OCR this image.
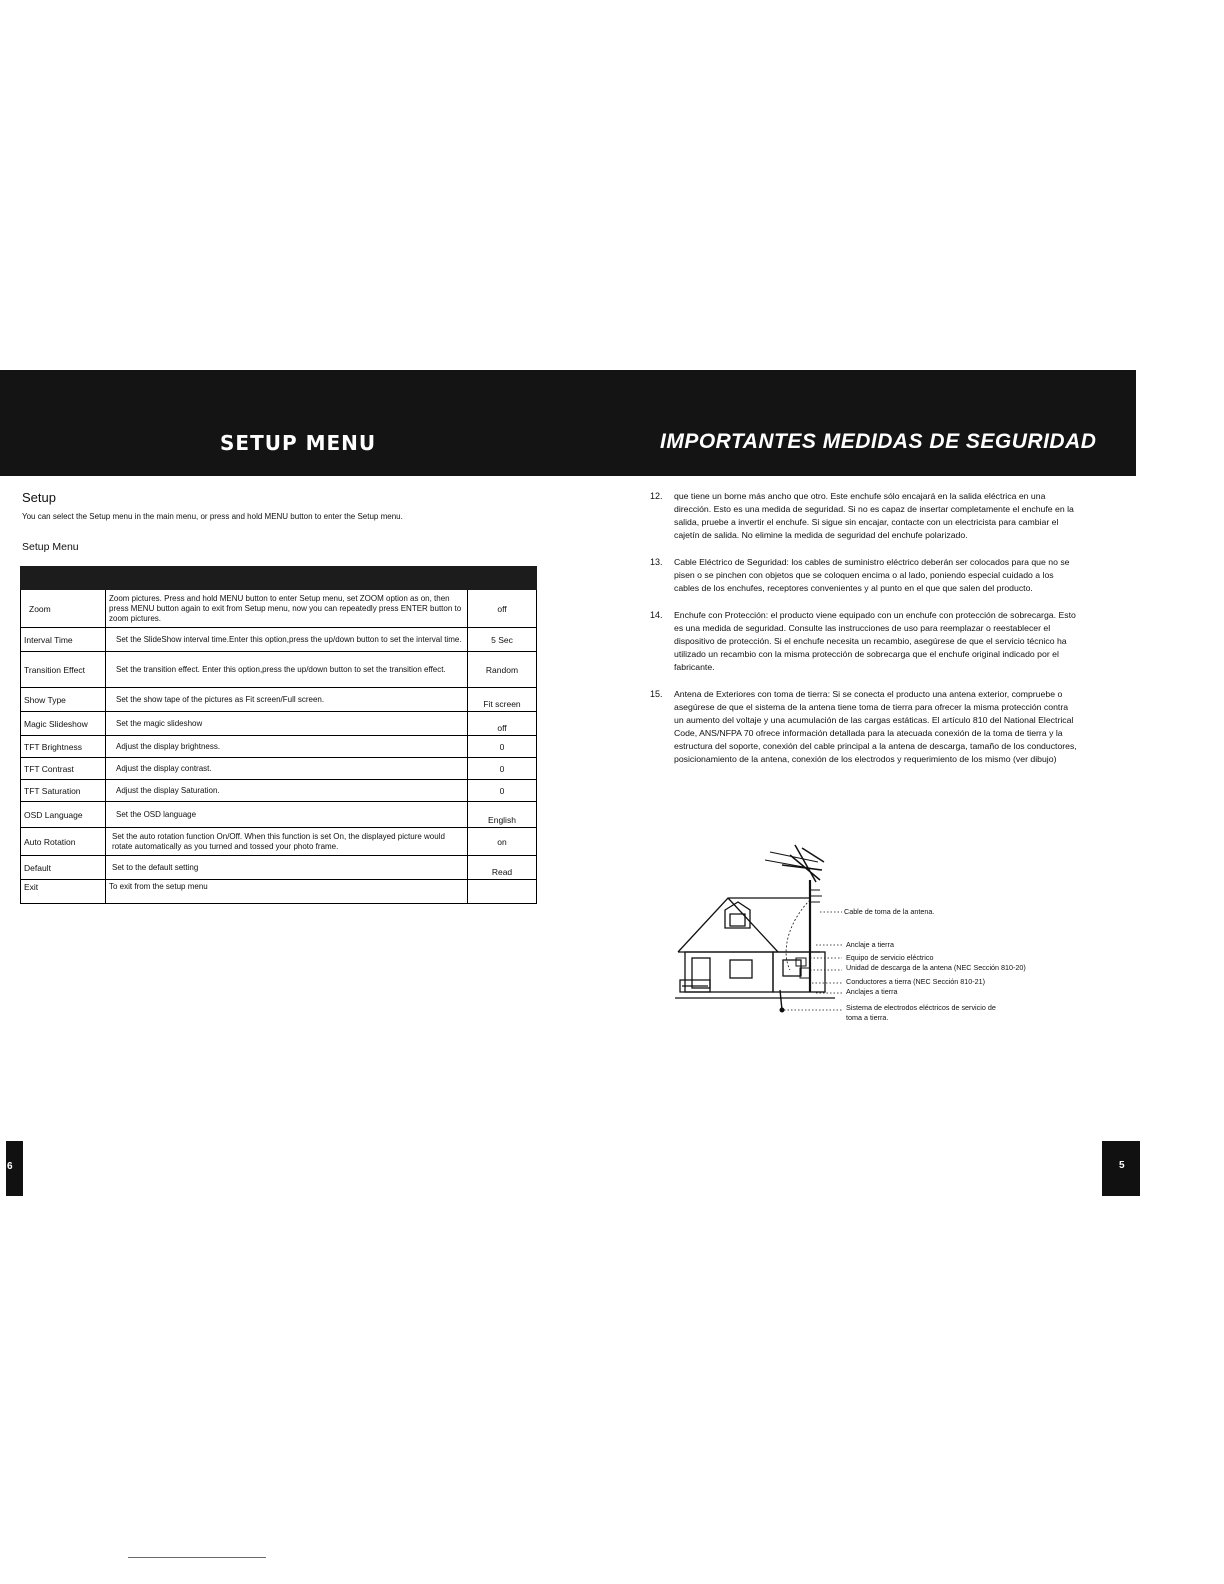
SETUP MENU	IMPORTANTES MEDIDAS DE SEGURIDAD
Setup
You can select the Setup menu in the main menu, or press and hold MENU button to enter the Setup menu.
Setup Menu

Zoom	Zoom pictures. Press and hold MENU button to enter Setup menu, set ZOOM option as on, then press MENU button again to exit from Setup menu, now you can repeatedly press ENTER button to zoom pictures.	off
Interval Time	Set the SlideShow interval time.Enter this option,press the up/down button to set the interval time.	5 Sec
Transition Effect	Set the transition effect. Enter this option,press the up/down button to set the transition effect.	Random
Show Type	Set the show tape of the pictures as Fit screen/Full screen.	Fit screen
Magic Slideshow	Set the magic slideshow	off
TFT Brightness	Adjust the display brightness.	0
TFT Contrast	Adjust the display contrast.	0
TFT Saturation	Adjust the display Saturation.	0
OSD Language	Set the OSD language	English
Auto Rotation	Set the auto rotation function On/Off. When this function is set On, the displayed picture would rotate automatically as you turned and tossed your photo frame.	on
Default	Set to the default setting	Read
Exit	To exit from the setup menu	
12.	que tiene un borne más ancho que otro. Este enchufe sólo encajará en la salida eléctrica en una dirección. Esto es una medida de seguridad. Si no es capaz de insertar completamente el enchufe en la salida, pruebe a invertir el enchufe. Si sigue sin encajar, contacte con un electricista para cambiar el cajetín de salida. No elimine la medida de seguridad del enchufe polarizado.
13.	Cable Eléctrico de Seguridad: los cables de suministro eléctrico deberán ser colocados para que no se pisen o se pinchen con objetos que se coloquen encima o al lado, poniendo especial cuidado a los cables de los enchufes, receptores convenientes y al punto en el que que salen del producto.
14.	Enchufe con Protección: el producto viene equipado con un enchufe con protección de sobrecarga. Esto es una medida de seguridad. Consulte las instrucciones de uso para reemplazar o reestablecer el dispositivo de protección. Si el enchufe necesita un recambio, asegúrese de que el servicio técnico ha utilizado un recambio con la misma protección de sobrecarga que el enchufe original indicado por el fabricante.
15.	Antena de Exteriores con toma de tierra: Si se conecta el producto una antena exterior, compruebe o asegúrese de que el sistema de la antena tiene toma de tierra para ofrecer la misma protección contra un aumento del voltaje y una acumulación de las cargas estáticas. El artículo 810 del National Electrical Code, ANS/NFPA 70 ofrece información detallada para la atecuada conexión de la toma de tierra y la estructura del soporte, conexión del cable principal a la antena de descarga, tamaño de los conductores, posicionamiento de la antena, conexión de los electrodos y requerimiento de los mismo (ver dibujo)
Cable de toma de la antena.
Anclaje a tierra
Equipo de servicio eléctrico
Unidad de descarga de la antena (NEC Sección 810-20)
Conductores a tierra (NEC Sección 810-21)
Anclajes a tierra
Sistema de electrodos eléctricos de servicio de
toma a tierra.
6	5
